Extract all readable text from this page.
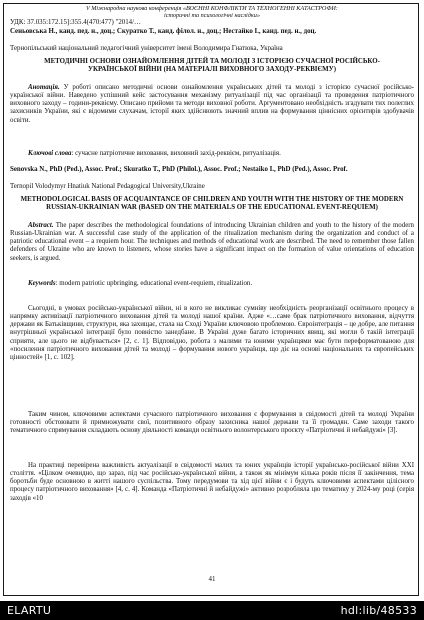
V Міжнародна наукова конференція «ВОЄННІ КОНФЛІКТИ ТА ТЕХНОГЕННІ КАТАСТРОФИ:
історичні та психологічні наслідки»
УДК: 37.035:172.15]:355.4(470:477) "2014/…
Сеньовська Н., канд. пед. н., доц.; Скуратко Т., канд. філол. н., доц.; Нестайко І., канд. пед. н., доц.
Тернопільський національний педагогічний університет імені Володимира Гнатюка, Україна
МЕТОДИЧНІ ОСНОВИ ОЗНАЙОМЛЕННЯ ДІТЕЙ ТА МОЛОДІ З ІСТОРІЄЮ СУЧАСНОЇ РОСІЙСЬКО-УКРАЇНСЬКОЇ ВІЙНИ (НА МАТЕРІАЛІ ВИХОВНОГО ЗАХОДУ-РЕКВІЄМУ)
Анотація. У роботі описано методичні основи ознайомлення українських дітей та молоді з історією сучасної російсько-української війни. Наведено успішний кейс застосування механізму ритуалізації під час організації та проведення патріотичного виховного заходу – години-реквієму. Описано прийоми та методи виховної роботи. Аргументовано необхідність згадувати тих полеглих захисників України, які є відомими слухачам, історії яких здійснюють значний вплив на формування ціннісних орієнтирів здобувачів освіти.
Ключові слова: сучасне патріотичне виховання, виховний захід-реквієм, ритуалізація.
Senovska N., PhD (Ped.), Assoc. Prof.; Skuratko T., PhD (Philol.), Assoc. Prof.; Nestaiko I., PhD (Ped.), Assoc. Prof.
Ternopil Volodymyr Hnatiuk National Pedagogical University,Ukraine
METHODOLOGICAL BASIS OF ACQUAINTANCE OF CHILDREN AND YOUTH WITH THE HISTORY OF THE MODERN RUSSIAN-UKRAINIAN WAR (BASED ON THE MATERIALS OF THE EDUCATIONAL EVENT-REQUIEM)
Abstract. The paper describes the methodological foundations of introducing Ukrainian children and youth to the history of the modern Russian-Ukrainian war. A successful case study of the application of the ritualization mechanism during the organization and conduct of a patriotic educational event – a requiem hour. The techniques and methods of educational work are described. The need to remember those fallen defenders of Ukraine who are known to listeners, whose stories have a significant impact on the formation of value orientations of education seekers, is argued.
Keywords: modern patriotic upbringing, educational event-requiem, ritualization.
Сьогодні, в умовах російсько-української війни, ні в кого не викликає сумніву необхідність реорганізації освітнього процесу в напрямку активізації патріотичного виховання дітей та молоді нашої країни. Адже «…саме брак патріотичного виховання, відчуття держави як Батьківщини, структури, яка захищає, стала на Сході України ключовою проблемою. Євроінтеграція – це добре, але питання внутрішньої української інтеграції було повністю занедбане. В Україні дуже багато історичних явищ, які могли б такій інтеграції сприяти, але цього не відбувається» [2, с. 1]. Відповідно, робота з малими та юними українцями має бути переформатованою для «посилення патріотичного виховання дітей та молоді – формування нового українця, що діє на основі національних та європейських цінностей» [1, с. 102].
Таким чином, ключовими аспектами сучасного патріотичного виховання є формування в свідомості дітей та молоді України готовності обстоювати й примножувати свої, позитивного образу захисника нашої держави та її громадян. Саме заходи такого тематичного спрямування складають основу діяльності команди освітнього волонтерського проєкту «Патріотичні й небайдужі» [3].
На практиці перевірена важливість актуалізації в свідомості малих та юних українців історії українсько-російської війни XXI століття. «Цілком очевидно, що зараз, під час російсько-української війни, а також як мінімум кілька років після її закінчення, тема боротьби буде основною в житті нашого суспільства. Тому передумови та хід цієї війни є і будуть ключовими аспектами цілісного процесу патріотичного виховання» [4, с. 4]. Команда «Патріотичні й небайдужі» активно розробляла цю тематику у 2024-му році (серія заходів «10
41
ELARTU	hdl:lib/48533
